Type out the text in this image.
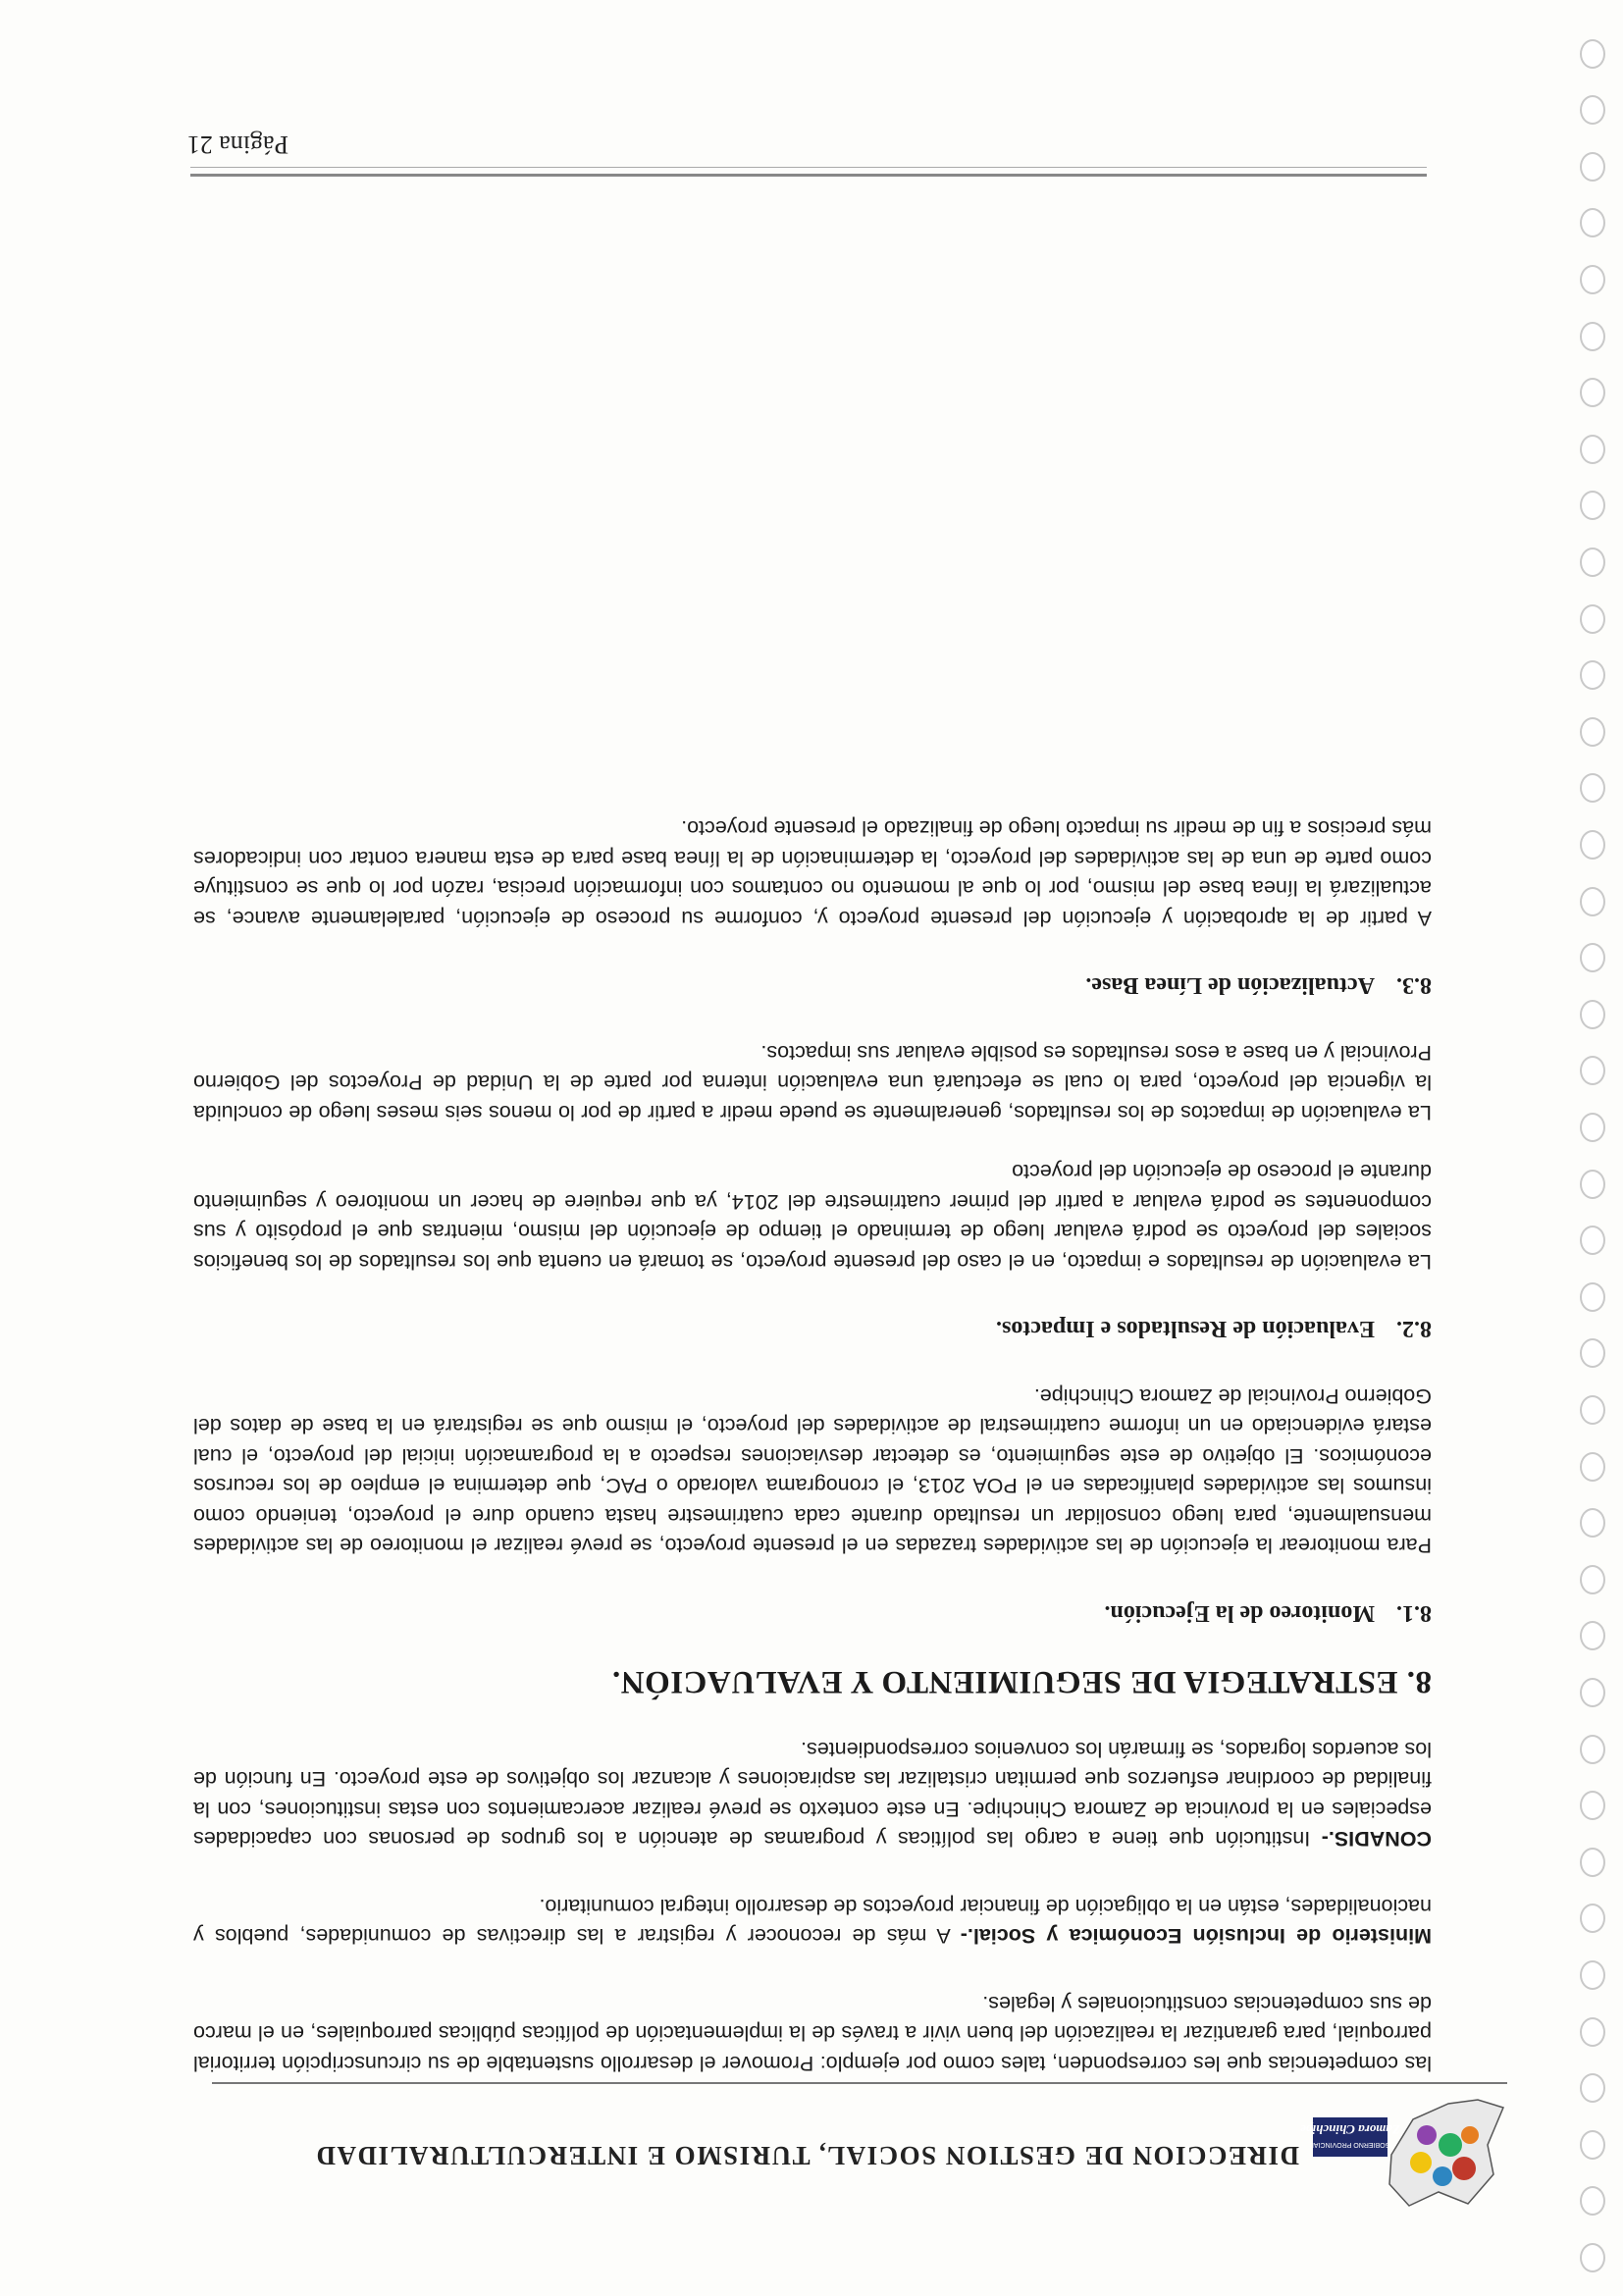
GOBIERNO PROVINCIAL
Zamora Chinchipe
DIRECCION DE GESTION SOCIAL, TURISMO E INTERCULTURALIDAD

las competencias que les corresponden, tales como por ejemplo: Promover el desarrollo sustentable de su circunscripción territorial parroquial, para garantizar la realización del buen vivir a través de la implementación de políticas públicas parroquiales, en el marco de sus competencias constitucionales y legales.

Ministerio de Inclusión Económica y Social.- A más de reconocer y registrar a las directivas de comunidades, pueblos y nacionalidades, están en la obligación de financiar proyectos de desarrollo integral comunitario.

CONADIS.- Institución que tiene a cargo las políticas y programas de atención a los grupos de personas con capacidades especiales en la provincia de Zamora Chinchipe. En este contexto se prevé realizar acercamientos con estas instituciones, con la finalidad de coordinar esfuerzos que permitan cristalizar las aspiraciones y alcanzar los objetivos de este proyecto. En función de los acuerdos logrados, se firmarán los convenios correspondientes.

8. ESTRATEGIA DE SEGUIMIENTO Y EVALUACIÓN.
8.1.Monitoreo de la Ejecución.

Para monitorear la ejecución de las actividades trazadas en el presente proyecto, se prevé realizar el monitoreo de las actividades mensualmente, para luego consolidar un resultado durante cada cuatrimestre hasta cuando dure el proyecto, teniendo como insumos las actividades planificadas en el POA 2013, el cronograma valorado o PAC, que determina el empleo de los recursos económicos. El objetivo de este seguimiento, es detectar desviaciones respecto a la programación inicial del proyecto, el cual estará evidenciado en un informe cuatrimestral de actividades del proyecto, el mismo que se registrará en la base de datos del Gobierno Provincial de Zamora Chinchipe.

8.2.Evaluación de Resultados e Impactos.

La evaluación de resultados e impacto, en el caso del presente proyecto, se tomará en cuenta que los resultados de los beneficios sociales del proyecto se podrá evaluar luego de terminado el tiempo de ejecución del mismo, mientras que el propósito y sus componentes se podrá evaluar a partir del primer cuatrimestre del 2014, ya que requiere de hacer un monitoreo y seguimiento durante el proceso de ejecución del proyecto

La evaluación de impactos de los resultados, generalmente se puede medir a partir de por lo menos seis meses luego de concluida la vigencia del proyecto, para lo cual se efectuará una evaluación interna por parte de la Unidad de Proyectos del Gobierno Provincial y en base a esos resultados es posible evaluar sus impactos.

8.3.Actualización de Línea Base.

A partir de la aprobación y ejecución del presente proyecto y, conforme su proceso de ejecución, paralelamente avance, se actualizará la línea base del mismo, por lo que al momento no contamos con información precisa, razón por lo que se constituye como parte de una de las actividades del proyecto, la determinación de la línea base para de esta manera contar con indicadores más precisos a fin de medir su impacto luego de finalizado el presente proyecto.

Página 21
